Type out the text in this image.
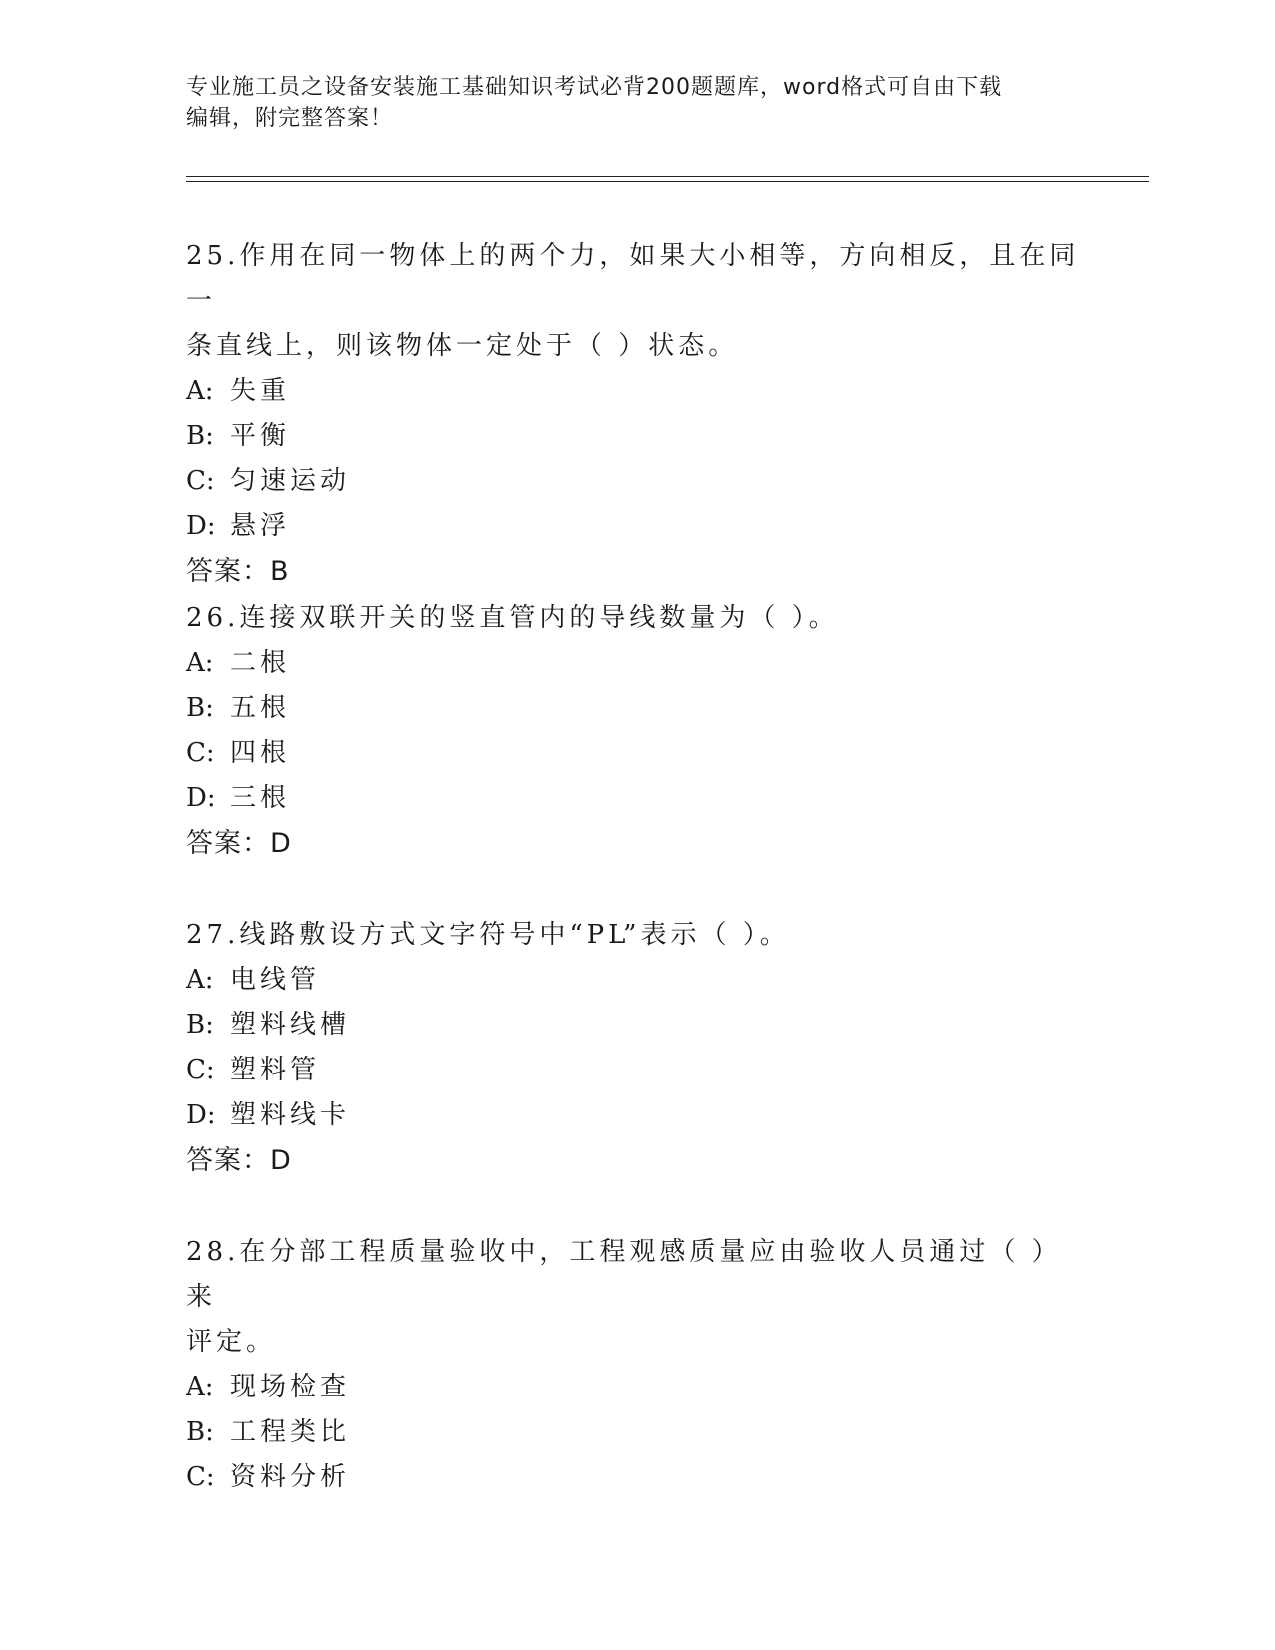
专业施工员之设备安装施工基础知识考试必背200题题库，word格式可自由下载

编辑，附完整答案！

25.作用在同一物体上的两个力，如果大小相等，方向相反，且在同一
条直线上，则该物体一定处于（ ）状态。

A: 失重

B: 平衡

C: 匀速运动

D: 悬浮

答案：B

26.连接双联开关的竖直管内的导线数量为（ ）。

A: 二根

B: 五根

C: 四根

D: 三根

答案：D

27.线路敷设方式文字符号中“PL”表示（ ）。

A: 电线管

B: 塑料线槽

C: 塑料管

D: 塑料线卡

答案：D

28.在分部工程质量验收中，工程观感质量应由验收人员通过（ ）来
评定。

A: 现场检查

B: 工程类比

C: 资料分析
